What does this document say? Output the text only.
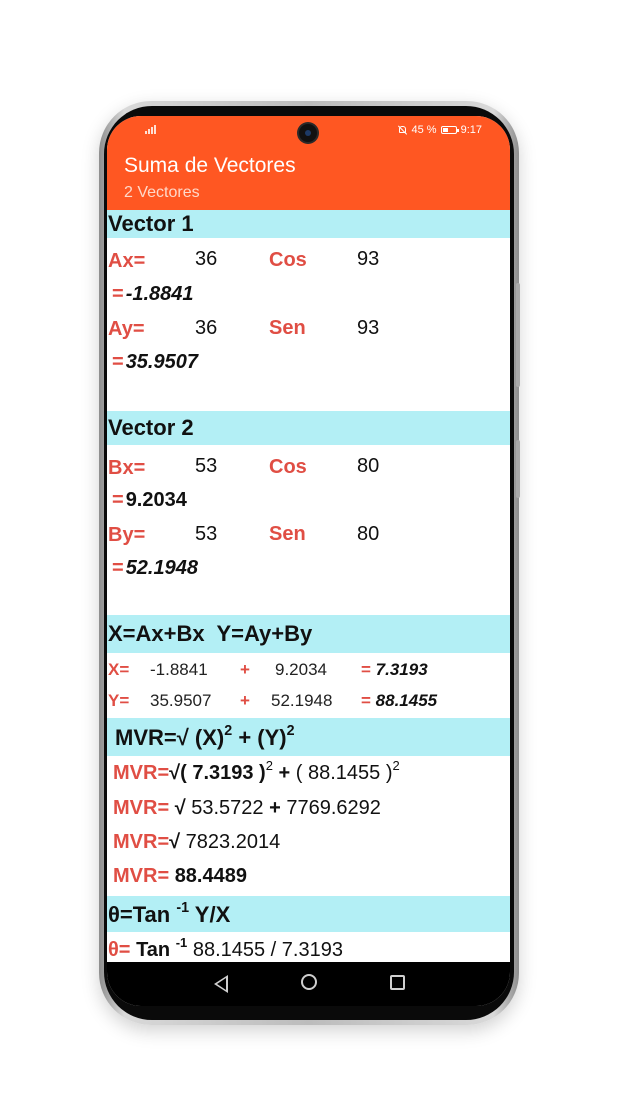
45 % 9:17
Suma de Vectores
2 Vectores
Vector 1
Ax= 36	Cos	93
= -1.8841
Ay=	36	Sen	93
= 35.9507
Vector 2
Bx= 53	Cos	80
= 9.2034
By= 53	Sen	80
= 52.1948
X=Ax+Bx  Y=Ay+By
X= -1.8841 + 9.2034 = 7.3193
Y= 35.9507 + 52.1948 = 88.1455
MVR=√ $(X)^2 + (Y)^2$
MVR=√( 7.3193 )$^2$ + ( 88.1455 )$^2$
MVR= √ 53.5722 + 7769.6292
MVR=√ 7823.2014
MVR= 88.4489
θ=Tan $^{-1}$ Y/X
θ= Tan $^{-1}$ 88.1455 / 7.3193
